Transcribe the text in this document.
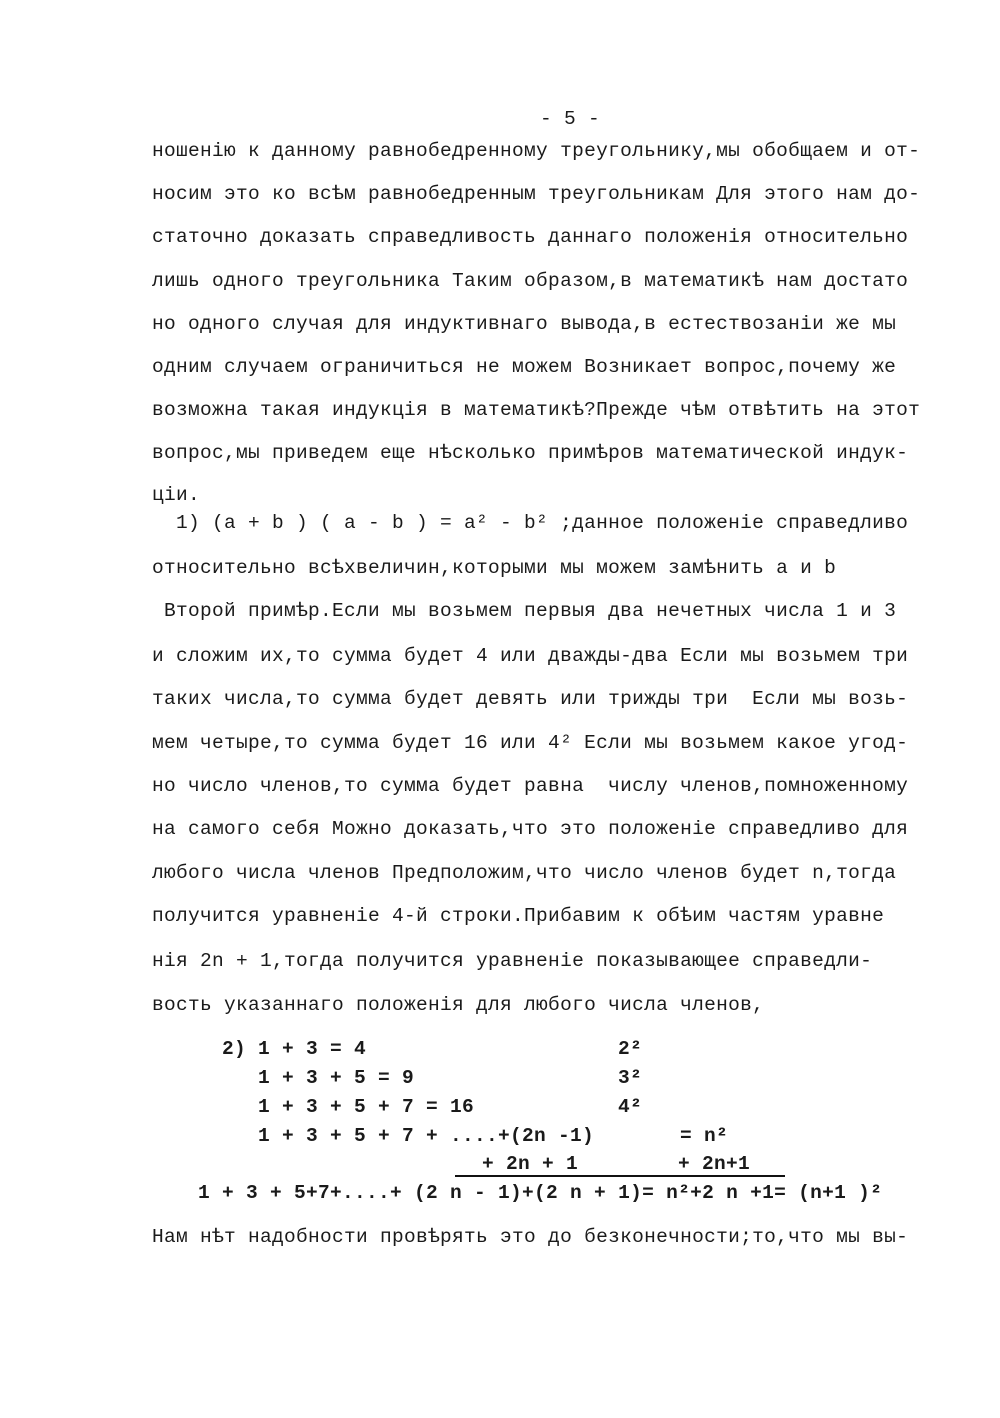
- 5 -
ношенію к данному равнобедренному треугольнику,мы обобщаем и от-
носим это ко всѣм равнобедренным треугольникам Для этого нам до-
статочно доказать справедливость даннаго положенія относительно
лишь одного треугольника Таким образом,в математикѣ нам достато
но одного случая для индуктивнаго вывода,в естествозаніи же мы
одним случаем ограничиться не можем Возникает вопрос,почему же
возможна такая индукція в математикѣ?Прежде чѣм отвѣтить на этот
вопрос,мы приведем еще нѣсколько примѣров математической индук-
ціи.
1) (a + b ) ( a - b ) = a² - b² ;данное положеніе справедливо
относительно всѣхвеличин,которыми мы можем замѣнить a и b
Второй примѣр.Если мы возьмем первыя два нечетных числа 1 и 3
и сложим их,то сумма будет 4 или дважды-два Если мы возьмем три
таких числа,то сумма будет девять или трижды три  Если мы возь-
мем четыре,то сумма будет 16 или 4² Если мы возьмем какое угод-
но число членов,то сумма будет равна  числу членов,помноженному
на самого себя Можно доказать,что это положеніе справедливо для
любого числа членов Предположим,что число членов будет n,тогда
получится уравненіе 4-й строки.Прибавим к обѣим частям уравне
нія 2n + 1,тогда получится уравненіе показывающее справедли-
вость указаннаго положенія для любого числа членов,
2) 1 + 3 = 4	2²
1 + 3 + 5 = 9	3²
1 + 3 + 5 + 7 = 16	4²
1 + 3 + 5 + 7 + ....+(2n -1)	= n²
+ 2n + 1	+ 2n+1
1 + 3 + 5+7+....+ (2 n - 1)+(2 n + 1)= n²+2 n +1= (n+1 )²
Нам нѣт надобности провѣрять это до безконечности;то,что мы вы-
